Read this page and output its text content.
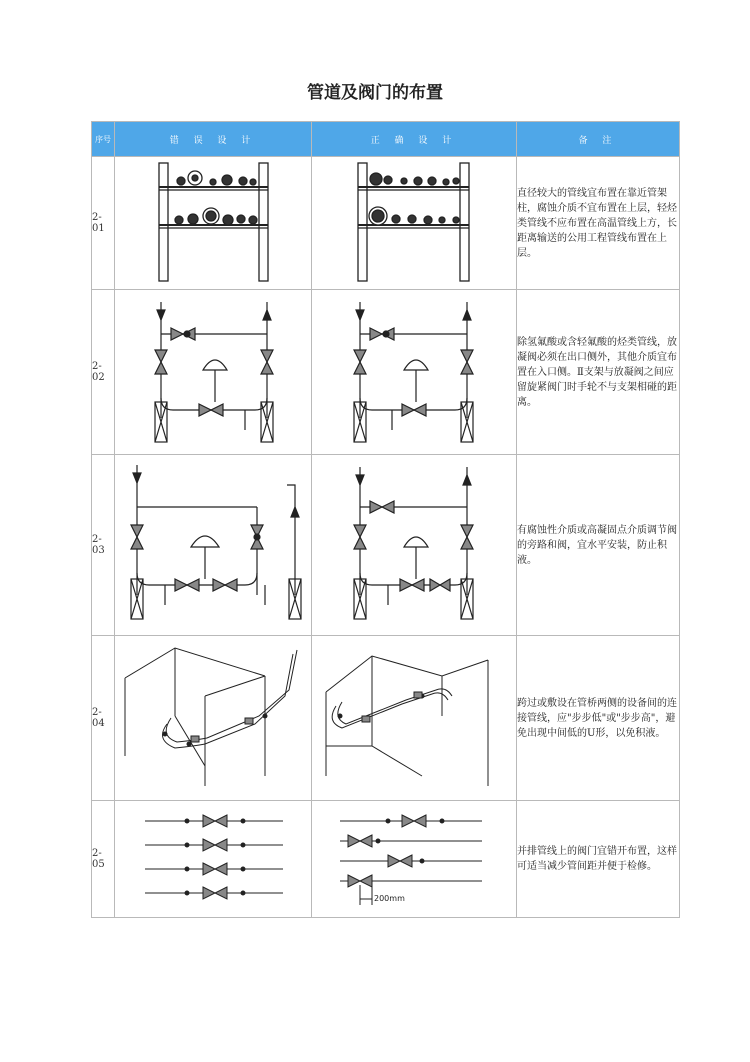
管道及阀门的布置
序号	错 误 设 计	正 确 设 计	备 注
2-01			直径较大的管线宜布置在靠近管架柱，腐蚀介质不宜布置在上层，轻烃类管线不应布置在高温管线上方，长距离输送的公用工程管线布置在上层。

2-02			除氢氟酸或含轻氟酸的烃类管线，放凝阀必须在出口侧外，其他介质宜布置在入口侧。Ⅱ支架与放凝阀之间应留旋紧阀门时手轮不与支架相碰的距离。

2-03			有腐蚀性介质或高凝固点介质调节阀的旁路和阀，宜水平安装，防止积液。

2-04			跨过或敷设在管桥两侧的设备间的连接管线，应"步步低"或"步步高"，避免出现中间低的U形，以免积液。

2-05		200mm	并排管线上的阀门宜错开布置，这样可适当减少管间距并便于检修。
